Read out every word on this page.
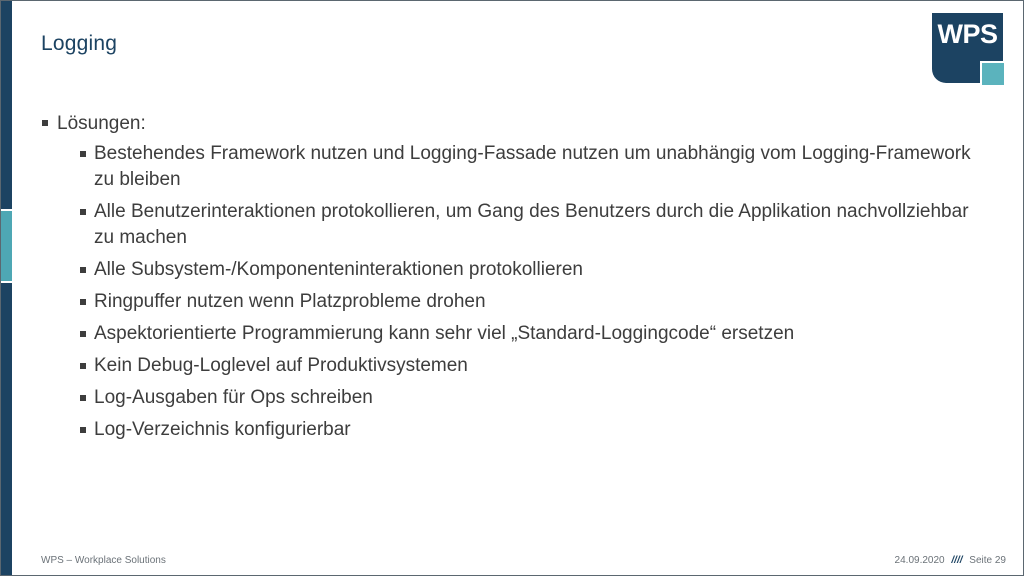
Logging	WPS
Lösungen:
Bestehendes Framework nutzen und Logging-Fassade nutzen um unabhängig vom Logging-Framework zu bleiben
Alle Benutzerinteraktionen protokollieren, um Gang des Benutzers durch die Applikation nachvollziehbar zu machen
Alle Subsystem-/Komponenteninteraktionen protokollieren
Ringpuffer nutzen wenn Platzprobleme drohen
Aspektorientierte Programmierung kann sehr viel „Standard-Loggingcode“ ersetzen
Kein Debug-Loglevel auf Produktivsystemen
Log-Ausgaben für Ops schreiben
Log-Verzeichnis konfigurierbar
WPS – Workplace Solutions	24.09.2020 //// Seite 29
